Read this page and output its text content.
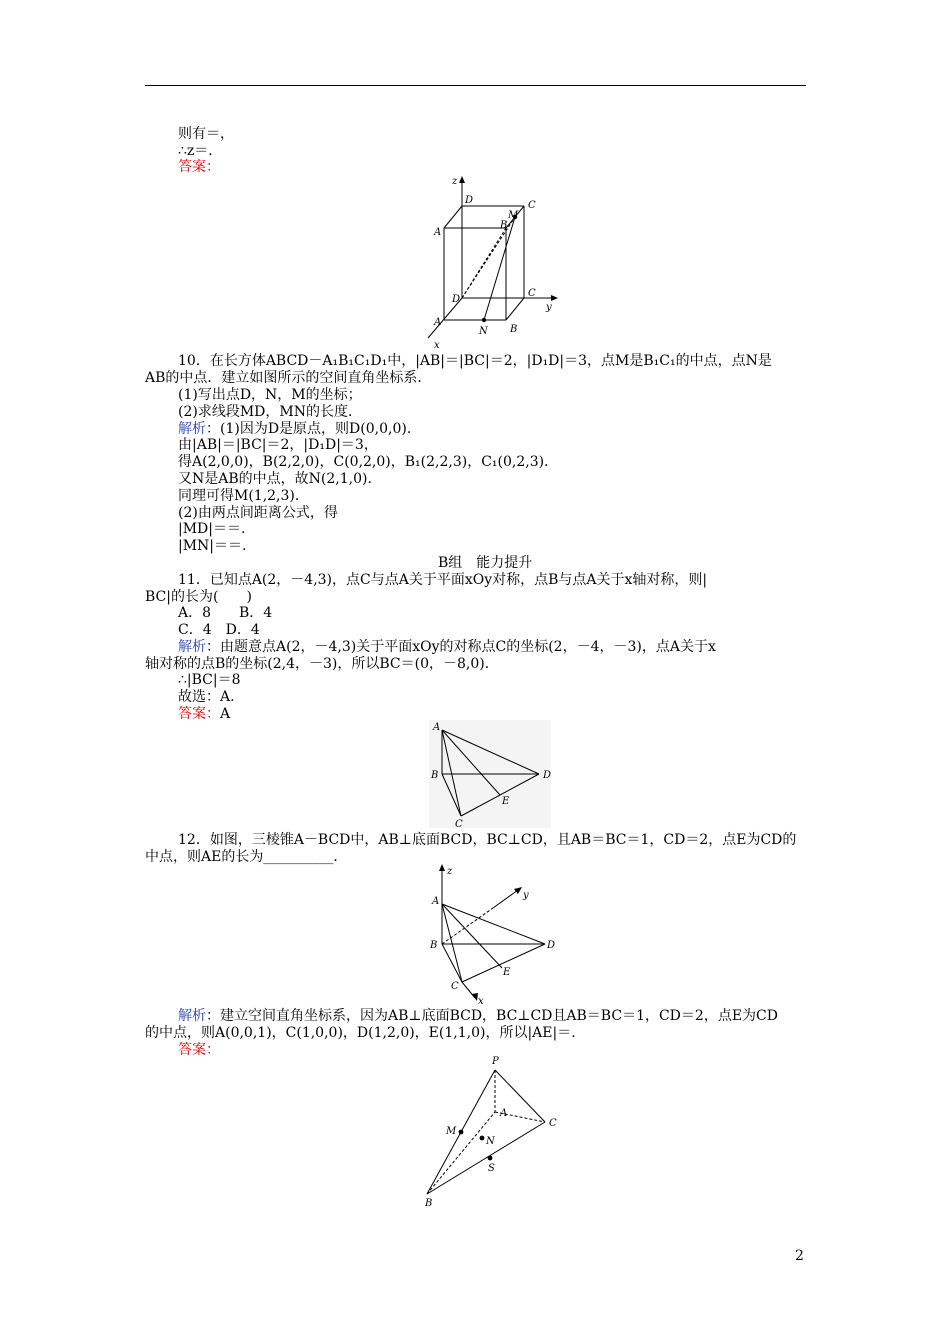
则有＝，
∴z＝.
答案：
z
D	C
M
B
A
D
C
y
A
N B
x
10．在长方体ABCD－A₁B₁C₁D₁中，|AB|＝|BC|＝2，|D₁D|＝3，点M是B₁C₁的中点，点N是
AB的中点．建立如图所示的空间直角坐标系．
(1)写出点D，N，M的坐标；
(2)求线段MD，MN的长度．
解析：(1)因为D是原点，则D(0,0,0)．
由|AB|＝|BC|＝2，|D₁D|＝3，
得A(2,0,0)，B(2,2,0)，C(0,2,0)，B₁(2,2,3)，C₁(0,2,3)．
又N是AB的中点，故N(2,1,0)．
同理可得M(1,2,3)．
(2)由两点间距离公式，得
|MD|＝＝.
|MN|＝＝.
B组　能力提升
11．已知点A(2，－4,3)，点C与点A关于平面xOy对称，点B与点A关于x轴对称，则|
BC|的长为(　　)
A．8　　B．4
C．4　D．4
解析：由题意点A(2，－4,3)关于平面xOy的对称点C的坐标(2，－4，－3)，点A关于x
轴对称的点B的坐标(2,4，－3)，所以BC＝(0，－8,0)．
∴|BC|＝8
故选：A.
答案：A
A
B	D
E
C
12．如图，三棱锥A－BCD中，AB⊥底面BCD，BC⊥CD，且AB＝BC＝1，CD＝2，点E为CD的
中点，则AE的长为__________．
z
A
y
B	D
E
C
x
解析：建立空间直角坐标系，因为AB⊥底面BCD，BC⊥CD且AB＝BC＝1，CD＝2，点E为CD
的中点，则A(0,0,1)，C(1,0,0)，D(1,2,0)，E(1,1,0)，所以|AE|＝.
答案：
P
A
C
M
N
S
B
2
